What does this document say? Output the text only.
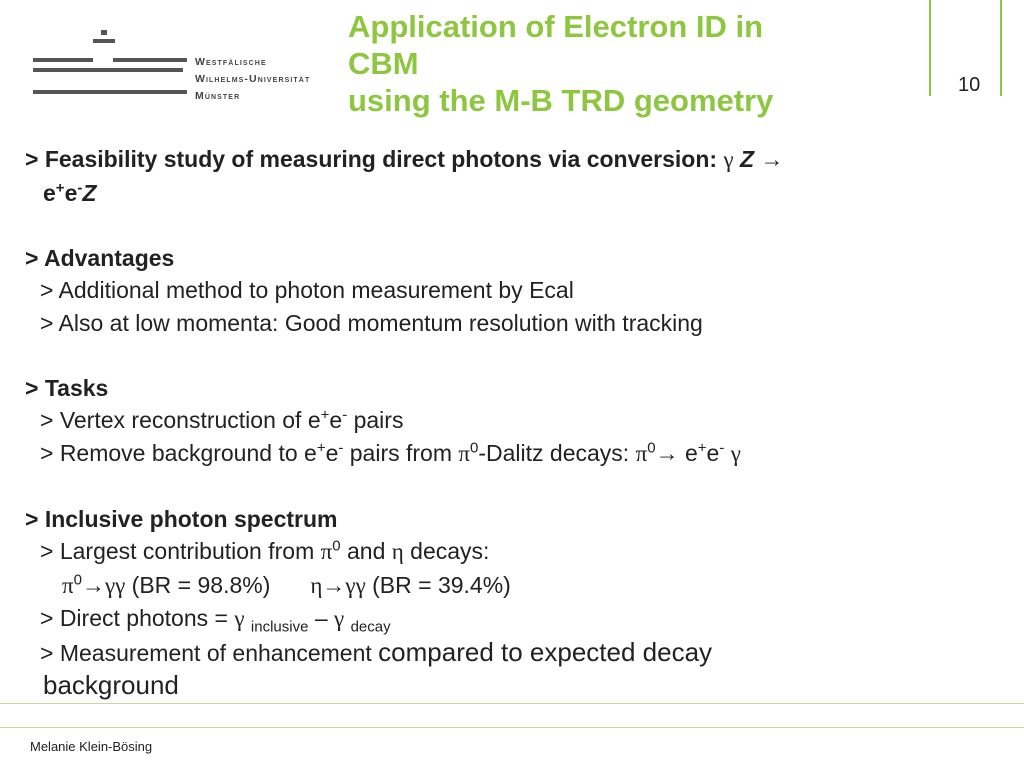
Westfälische
Wilhelms-Universität
Münster
Application of Electron ID in
CBM
using the M-B TRD geometry	10
> Feasibility study of measuring direct photons via conversion: γ Z →
e+e-Z
> Advantages
> Additional method to photon measurement by Ecal
> Also at low momenta: Good momentum resolution with tracking
> Tasks
> Vertex reconstruction of e+e- pairs
> Remove background to e+e- pairs from $\pi^0$-Dalitz decays: $\pi^0\to e^+e^-$ γ
> Inclusive photon spectrum
> Largest contribution from $\pi^0$ and η decays:
$\pi^0\to\gamma\gamma$ (BR = 98.8%) η→γγ (BR = 39.4%)
> Direct photons = γ $_{inclusive}$ – γ $_{decay}$
> Measurement of enhancement compared to expected decay
background
Melanie Klein-Bösing
